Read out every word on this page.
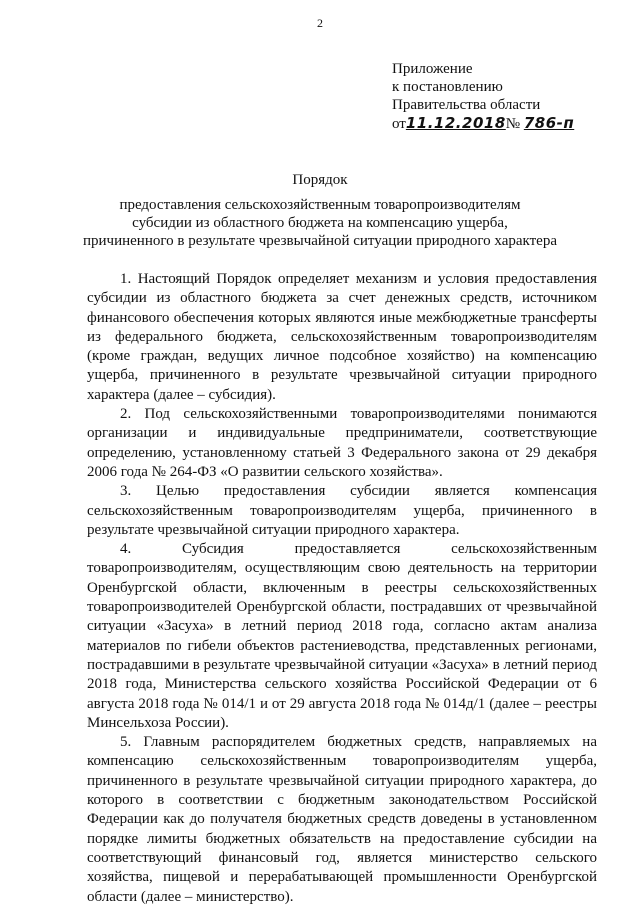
2
Приложение
к постановлению
Правительства области
от11.12.2018№ 786-п
Порядок
предоставления сельскохозяйственным товаропроизводителям
субсидии из областного бюджета на компенсацию ущерба,
причиненного в результате чрезвычайной ситуации природного характера

1. Настоящий Порядок определяет механизм и условия предоставления субсидии из областного бюджета за счет денежных средств, источником финансового обеспечения которых являются иные межбюджетные трансферты из федерального бюджета, сельскохозяйственным товаропроизводителям (кроме граждан, ведущих личное подсобное хозяйство) на компенсацию ущерба, причиненного в результате чрезвычайной ситуации природного характера (далее – субсидия).

2. Под сельскохозяйственными товаропроизводителями понимаются организации и индивидуальные предприниматели, соответствующие определению, установленному статьей 3 Федерального закона от 29 декабря 2006 года № 264-ФЗ «О развитии сельского хозяйства».

3. Целью предоставления субсидии является компенсация сельскохозяйственным товаропроизводителям ущерба, причиненного в результате чрезвычайной ситуации природного характера.

4. Субсидия предоставляется сельскохозяйственным товаропроизводителям, осуществляющим свою деятельность на территории Оренбургской области, включенным в реестры сельскохозяйственных товаропроизводителей Оренбургской области, пострадавших от чрезвычайной ситуации «Засуха» в летний период 2018 года, согласно актам анализа материалов по гибели объектов растениеводства, представленных регионами, пострадавшими в результате чрезвычайной ситуации «Засуха» в летний период 2018 года, Министерства сельского хозяйства Российской Федерации от 6 августа 2018 года № 014/1 и от 29 августа 2018 года № 014д/1 (далее – реестры Минсельхоза России).

5. Главным распорядителем бюджетных средств, направляемых на компенсацию сельскохозяйственным товаропроизводителям ущерба, причиненного в результате чрезвычайной ситуации природного характера, до которого в соответствии с бюджетным законодательством Российской Федерации как до получателя бюджетных средств доведены в установленном порядке лимиты бюджетных обязательств на предоставление субсидии на соответствующий финансовый год, является министерство сельского хозяйства, пищевой и перерабатывающей промышленности Оренбургской области (далее – министерство).
